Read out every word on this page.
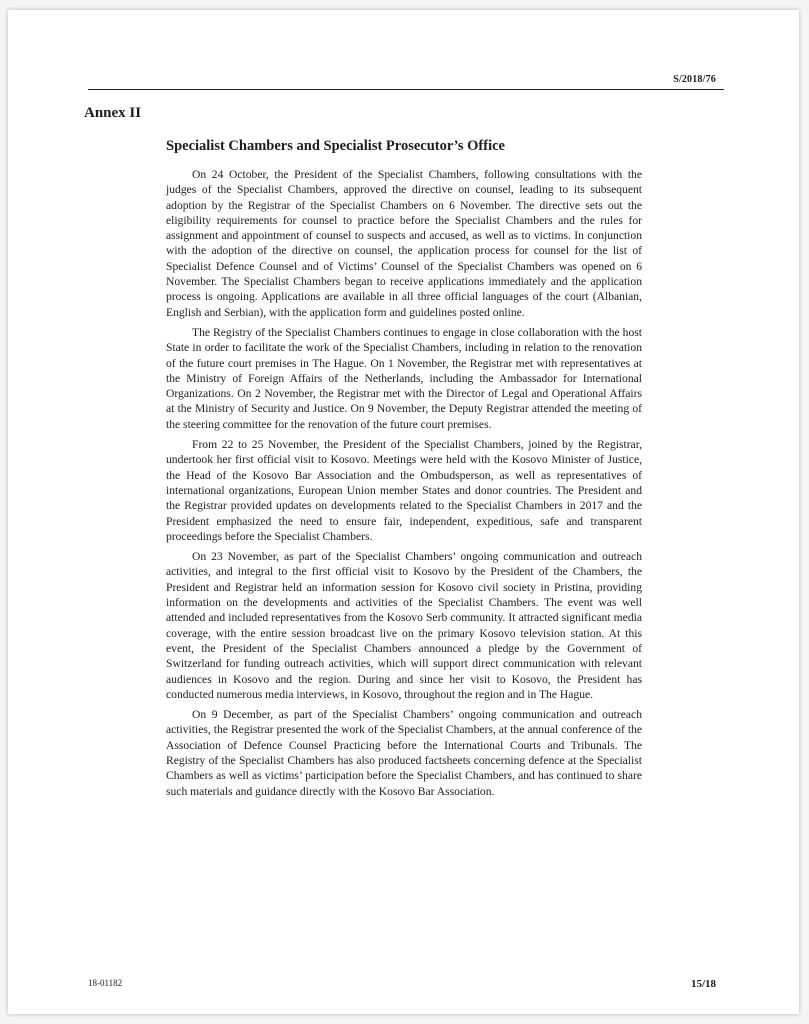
S/2018/76
Annex II
Specialist Chambers and Specialist Prosecutor’s Office

On 24 October, the President of the Specialist Chambers, following consultations with the judges of the Specialist Chambers, approved the directive on counsel, leading to its subsequent adoption by the Registrar of the Specialist Chambers on 6 November. The directive sets out the eligibility requirements for counsel to practice before the Specialist Chambers and the rules for assignment and appointment of counsel to suspects and accused, as well as to victims. In conjunction with the adoption of the directive on counsel, the application process for counsel for the list of Specialist Defence Counsel and of Victims’ Counsel of the Specialist Chambers was opened on 6 November. The Specialist Chambers began to receive applications immediately and the application process is ongoing. Applications are available in all three official languages of the court (Albanian, English and Serbian), with the application form and guidelines posted online.

The Registry of the Specialist Chambers continues to engage in close collaboration with the host State in order to facilitate the work of the Specialist Chambers, including in relation to the renovation of the future court premises in The Hague. On 1 November, the Registrar met with representatives at the Ministry of Foreign Affairs of the Netherlands, including the Ambassador for International Organizations. On 2 November, the Registrar met with the Director of Legal and Operational Affairs at the Ministry of Security and Justice. On 9 November, the Deputy Registrar attended the meeting of the steering committee for the renovation of the future court premises.

From 22 to 25 November, the President of the Specialist Chambers, joined by the Registrar, undertook her first official visit to Kosovo. Meetings were held with the Kosovo Minister of Justice, the Head of the Kosovo Bar Association and the Ombudsperson, as well as representatives of international organizations, European Union member States and donor countries. The President and the Registrar provided updates on developments related to the Specialist Chambers in 2017 and the President emphasized the need to ensure fair, independent, expeditious, safe and transparent proceedings before the Specialist Chambers.

On 23 November, as part of the Specialist Chambers’ ongoing communication and outreach activities, and integral to the first official visit to Kosovo by the President of the Chambers, the President and Registrar held an information session for Kosovo civil society in Pristina, providing information on the developments and activities of the Specialist Chambers. The event was well attended and included representatives from the Kosovo Serb community. It attracted significant media coverage, with the entire session broadcast live on the primary Kosovo television station. At this event, the President of the Specialist Chambers announced a pledge by the Government of Switzerland for funding outreach activities, which will support direct communication with relevant audiences in Kosovo and the region. During and since her visit to Kosovo, the President has conducted numerous media interviews, in Kosovo, throughout the region and in The Hague.

On 9 December, as part of the Specialist Chambers’ ongoing communication and outreach activities, the Registrar presented the work of the Specialist Chambers, at the annual conference of the Association of Defence Counsel Practicing before the International Courts and Tribunals. The Registry of the Specialist Chambers has also produced factsheets concerning defence at the Specialist Chambers as well as victims’ participation before the Specialist Chambers, and has continued to share such materials and guidance directly with the Kosovo Bar Association.

18-01182	15/18
